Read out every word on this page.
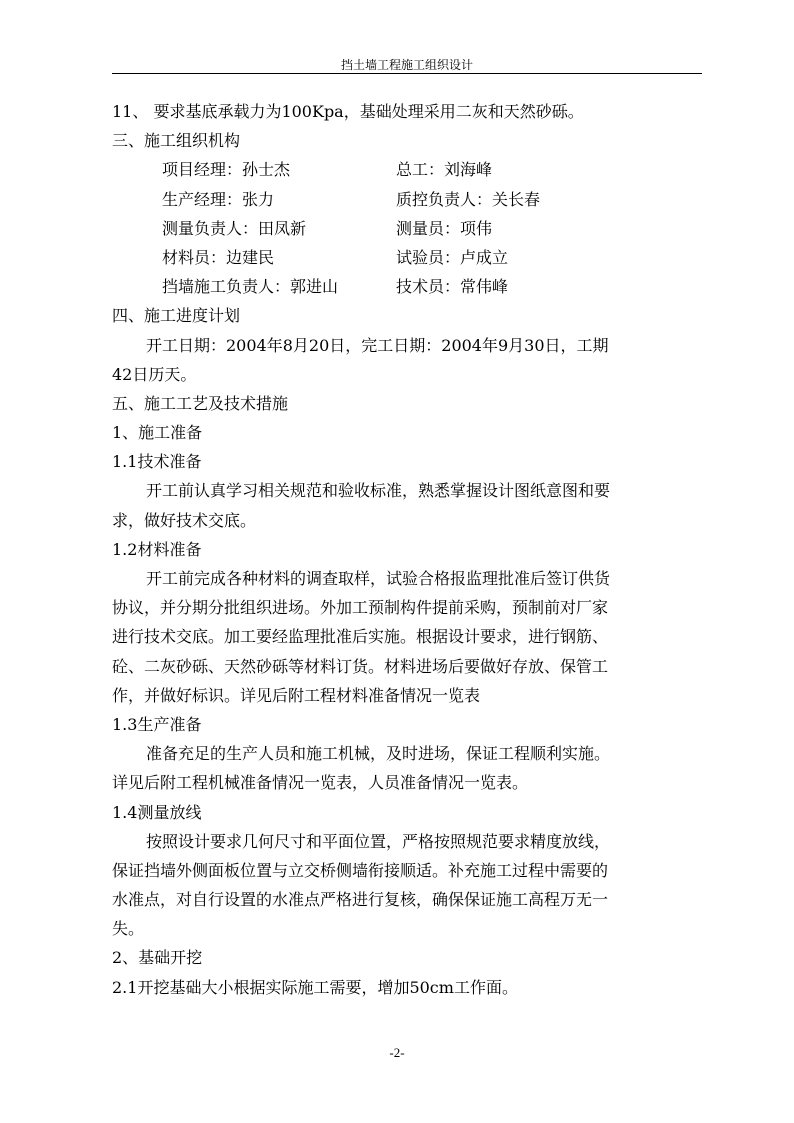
挡土墙工程施工组织设计
11、 要求基底承载力为100Kpa，基础处理采用二灰和天然砂砾。
三、施工组织机构
项目经理：孙士杰	总工：刘海峰
生产经理：张力	质控负责人：关长春
测量负责人：田凤新	测量员：项伟
材料员：边建民	试验员：卢成立
挡墙施工负责人：郭进山	技术员：常伟峰
四、施工进度计划
开工日期：2004年8月20日，完工日期：2004年9月30日，工期
42日历天。
五、施工工艺及技术措施
1、施工准备
1.1技术准备
开工前认真学习相关规范和验收标准，熟悉掌握设计图纸意图和要
求，做好技术交底。
1.2材料准备
开工前完成各种材料的调查取样，试验合格报监理批准后签订供货
协议，并分期分批组织进场。外加工预制构件提前采购，预制前对厂家
进行技术交底。加工要经监理批准后实施。根据设计要求，进行钢筋、
砼、二灰砂砾、天然砂砾等材料订货。材料进场后要做好存放、保管工
作，并做好标识。详见后附工程材料准备情况一览表
1.3生产准备
准备充足的生产人员和施工机械，及时进场，保证工程顺利实施。
详见后附工程机械准备情况一览表，人员准备情况一览表。
1.4测量放线
按照设计要求几何尺寸和平面位置，严格按照规范要求精度放线，
保证挡墙外侧面板位置与立交桥侧墙衔接顺适。补充施工过程中需要的
水准点，对自行设置的水准点严格进行复核，确保保证施工高程万无一
失。
2、基础开挖
2.1开挖基础大小根据实际施工需要，增加50cm工作面。
-2-
